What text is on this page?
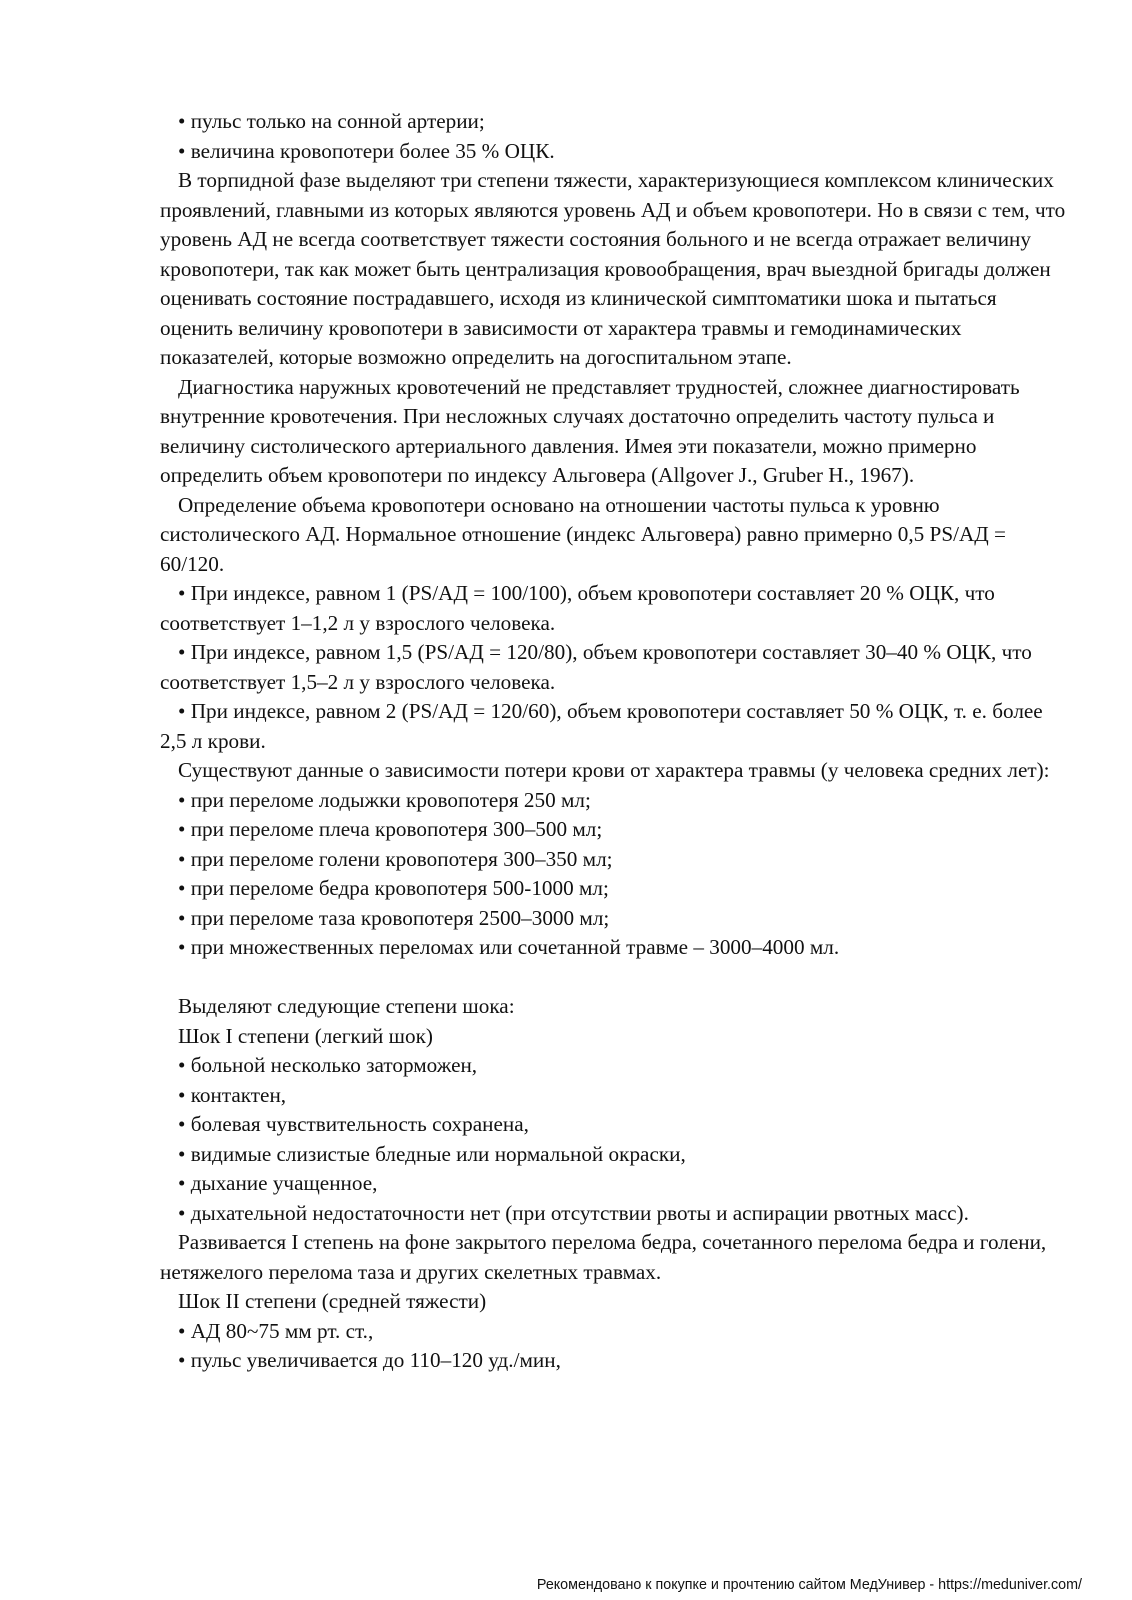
• пульс только на сонной артерии;

• величина кровопотери более 35 % ОЦК.

В торпидной фазе выделяют три степени тяжести, характеризующиеся комплексом клинических проявлений, главными из которых являются уровень АД и объем кровопотери. Но в связи с тем, что уровень АД не всегда соответствует тяжести состояния больного и не всегда отражает величину кровопотери, так как может быть централизация кровообращения, врач выездной бригады должен оценивать состояние пострадавшего, исходя из клинической симптоматики шока и пытаться оценить величину кровопотери в зависимости от характера травмы и гемодинамических показателей, которые возможно определить на догоспитальном этапе.

Диагностика наружных кровотечений не представляет трудностей, сложнее диагностировать внутренние кровотечения. При несложных случаях достаточно определить частоту пульса и величину систолического артериального давления. Имея эти показатели, можно примерно определить объем кровопотери по индексу Альговера (Allgover J., Gruber H., 1967).

Определение объема кровопотери основано на отношении частоты пульса к уровню систолического АД. Нормальное отношение (индекс Альговера) равно примерно 0,5 PS/АД = 60/120.

• При индексе, равном 1 (PS/АД = 100/100), объем кровопотери составляет 20 % ОЦК, что соответствует 1–1,2 л у взрослого человека.

• При индексе, равном 1,5 (PS/АД = 120/80), объем кровопотери составляет 30–40 % ОЦК, что соответствует 1,5–2 л у взрослого человека.

• При индексе, равном 2 (PS/АД = 120/60), объем кровопотери составляет 50 % ОЦК, т. е. более 2,5 л крови.

Существуют данные о зависимости потери крови от характера травмы (у человека средних лет):

• при переломе лодыжки кровопотеря 250 мл;

• при переломе плеча кровопотеря 300–500 мл;

• при переломе голени кровопотеря 300–350 мл;

• при переломе бедра кровопотеря 500-1000 мл;

• при переломе таза кровопотеря 2500–3000 мл;

• при множественных переломах или сочетанной травме – 3000–4000 мл.

Выделяют следующие степени шока:

Шок I степени (легкий шок)

• больной несколько заторможен,

• контактен,

• болевая чувствительность сохранена,

• видимые слизистые бледные или нормальной окраски,

• дыхание учащенное,

• дыхательной недостаточности нет (при отсутствии рвоты и аспирации рвотных масс).

Развивается I степень на фоне закрытого перелома бедра, сочетанного перелома бедра и голени, нетяжелого перелома таза и других скелетных травмах.

Шок II степени (средней тяжести)

• АД 80~75 мм рт. ст.,

• пульс увеличивается до 110–120 уд./мин,

Рекомендовано к покупке и прочтению сайтом МедУнивер - https://meduniver.com/
